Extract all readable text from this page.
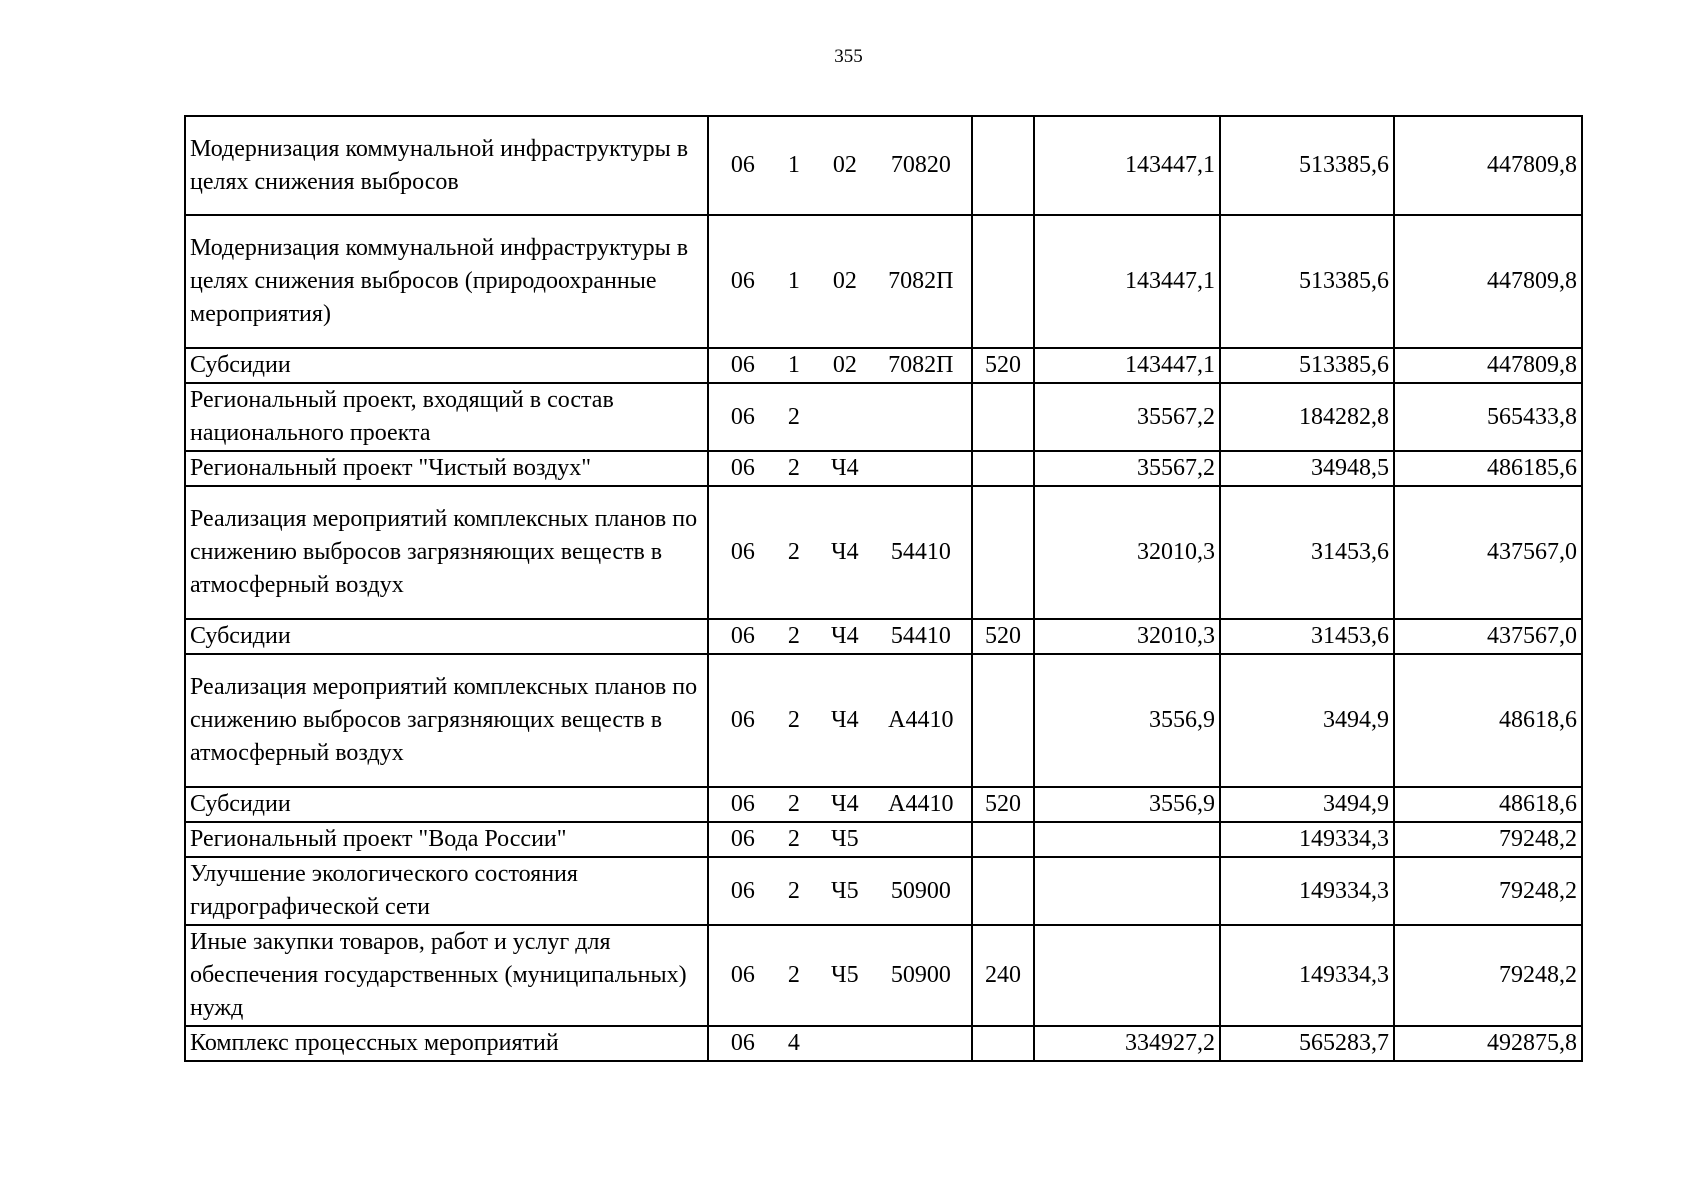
355
Модернизация коммунальной инфраструктуры в целях снижения выбросов	06 1 02 70820		143447,1	513385,6	447809,8
Модернизация коммунальной инфраструктуры в целях снижения выбросов (природоохранные мероприятия)	06 1 02 7082П		143447,1	513385,6	447809,8
Субсидии	06 1 02 7082П	520	143447,1	513385,6	447809,8
Региональный проект, входящий в состав национального проекта	06 2		35567,2	184282,8	565433,8
Региональный проект "Чистый воздух"	06 2 Ч4		35567,2	34948,5	486185,6
Реализация мероприятий комплексных планов по снижению выбросов загрязняющих веществ в атмосферный воздух	06 2 Ч4 54410		32010,3	31453,6	437567,0
Субсидии	06 2 Ч4 54410	520	32010,3	31453,6	437567,0
Реализация мероприятий комплексных планов по снижению выбросов загрязняющих веществ в атмосферный воздух	06 2 Ч4 А4410		3556,9	3494,9	48618,6
Субсидии	06 2 Ч4 А4410	520	3556,9	3494,9	48618,6
Региональный проект "Вода России"	06 2 Ч5			149334,3	79248,2
Улучшение экологического состояния гидрографической сети	06 2 Ч5 50900			149334,3	79248,2
Иные закупки товаров, работ и услуг для обеспечения государственных (муниципальных) нужд	06 2 Ч5 50900	240		149334,3	79248,2
Комплекс процессных мероприятий	06 4		334927,2	565283,7	492875,8
